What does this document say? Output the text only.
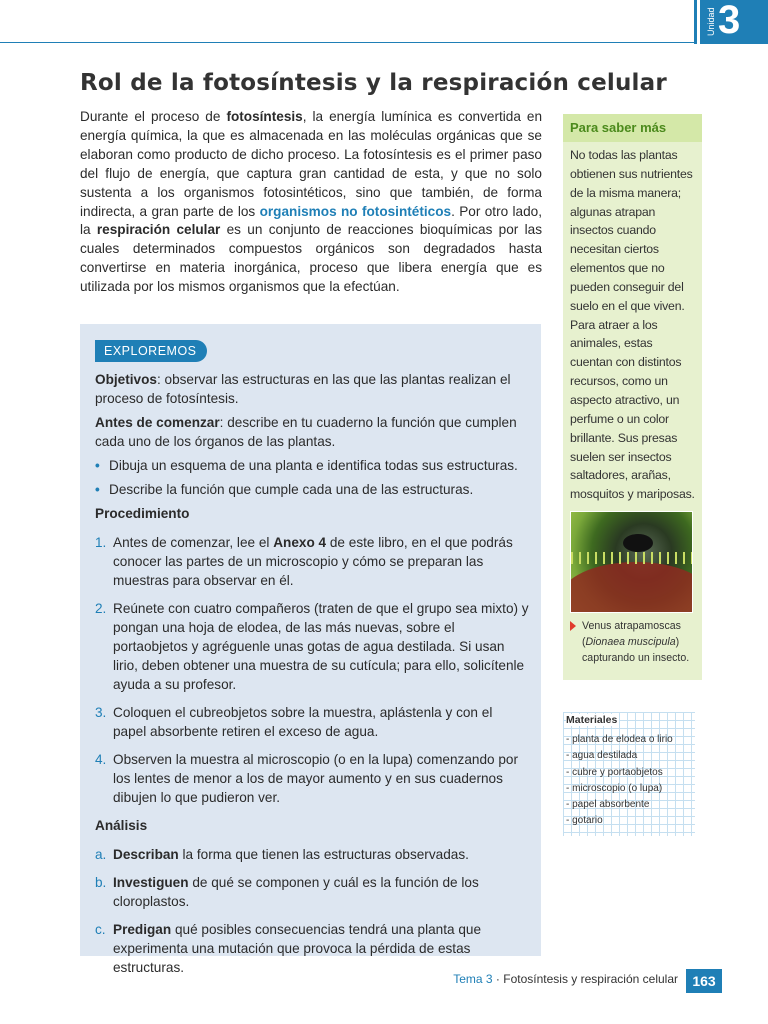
Unidad 3
Rol de la fotosíntesis y la respiración celular
Durante el proceso de fotosíntesis, la energía lumínica es convertida en energía química, la que es almacenada en las moléculas orgánicas que se elaboran como producto de dicho proceso. La fotosíntesis es el primer paso del flujo de energía, que captura gran cantidad de esta, y que no solo sustenta a los organismos fotosintéticos, sino que también, de forma indirecta, a gran parte de los organismos no fotosintéticos. Por otro lado, la respiración celular es un conjunto de reacciones bioquímicas por las cuales determinados compuestos orgánicos son degradados hasta convertirse en materia inorgánica, proceso que libera energía que es utilizada por los mismos organismos que la efectúan.
Para saber más
No todas las plantas obtienen sus nutrientes de la misma manera; algunas atrapan insectos cuando necesitan ciertos elementos que no pueden conseguir del suelo en el que viven. Para atraer a los animales, estas cuentan con distintos recursos, como un aspecto atractivo, un perfume o un color brillante. Sus presas suelen ser insectos saltadores, arañas, mosquitos y mariposas.
Venus atrapamoscas (Dionaea muscipula) capturando un insecto.
Materiales
- planta de elodea o lirio
- agua destilada
- cubre y portaobjetos
- microscopio (o lupa)
- papel absorbente
- gotario
EXPLOREMOS

Objetivos: observar las estructuras en las que las plantas realizan el proceso de fotosíntesis.

Antes de comenzar: describe en tu cuaderno la función que cumplen cada uno de los órganos de las plantas.

• Dibuja un esquema de una planta e identifica todas sus estructuras.
• Describe la función que cumple cada una de las estructuras.
Procedimiento
1. Antes de comenzar, lee el Anexo 4 de este libro, en el que podrás conocer las partes de un microscopio y cómo se preparan las muestras para observar en él.
2. Reúnete con cuatro compañeros (traten de que el grupo sea mixto) y pongan una hoja de elodea, de las más nuevas, sobre el portaobjetos y agréguenle unas gotas de agua destilada. Si usan lirio, deben obtener una muestra de su cutícula; para ello, solicítenle ayuda a su profesor.
3. Coloquen el cubreobjetos sobre la muestra, aplástenla y con el papel absorbente retiren el exceso de agua.
4. Observen la muestra al microscopio (o en la lupa) comenzando por los lentes de menor a los de mayor aumento y en sus cuadernos dibujen lo que pudieron ver.
Análisis
a. Describan la forma que tienen las estructuras observadas.
b. Investiguen de qué se componen y cuál es la función de los cloroplastos.
c. Predigan qué posibles consecuencias tendrá una planta que experimenta una mutación que provoca la pérdida de estas estructuras.
Tema 3 · Fotosíntesis y respiración celular	163
